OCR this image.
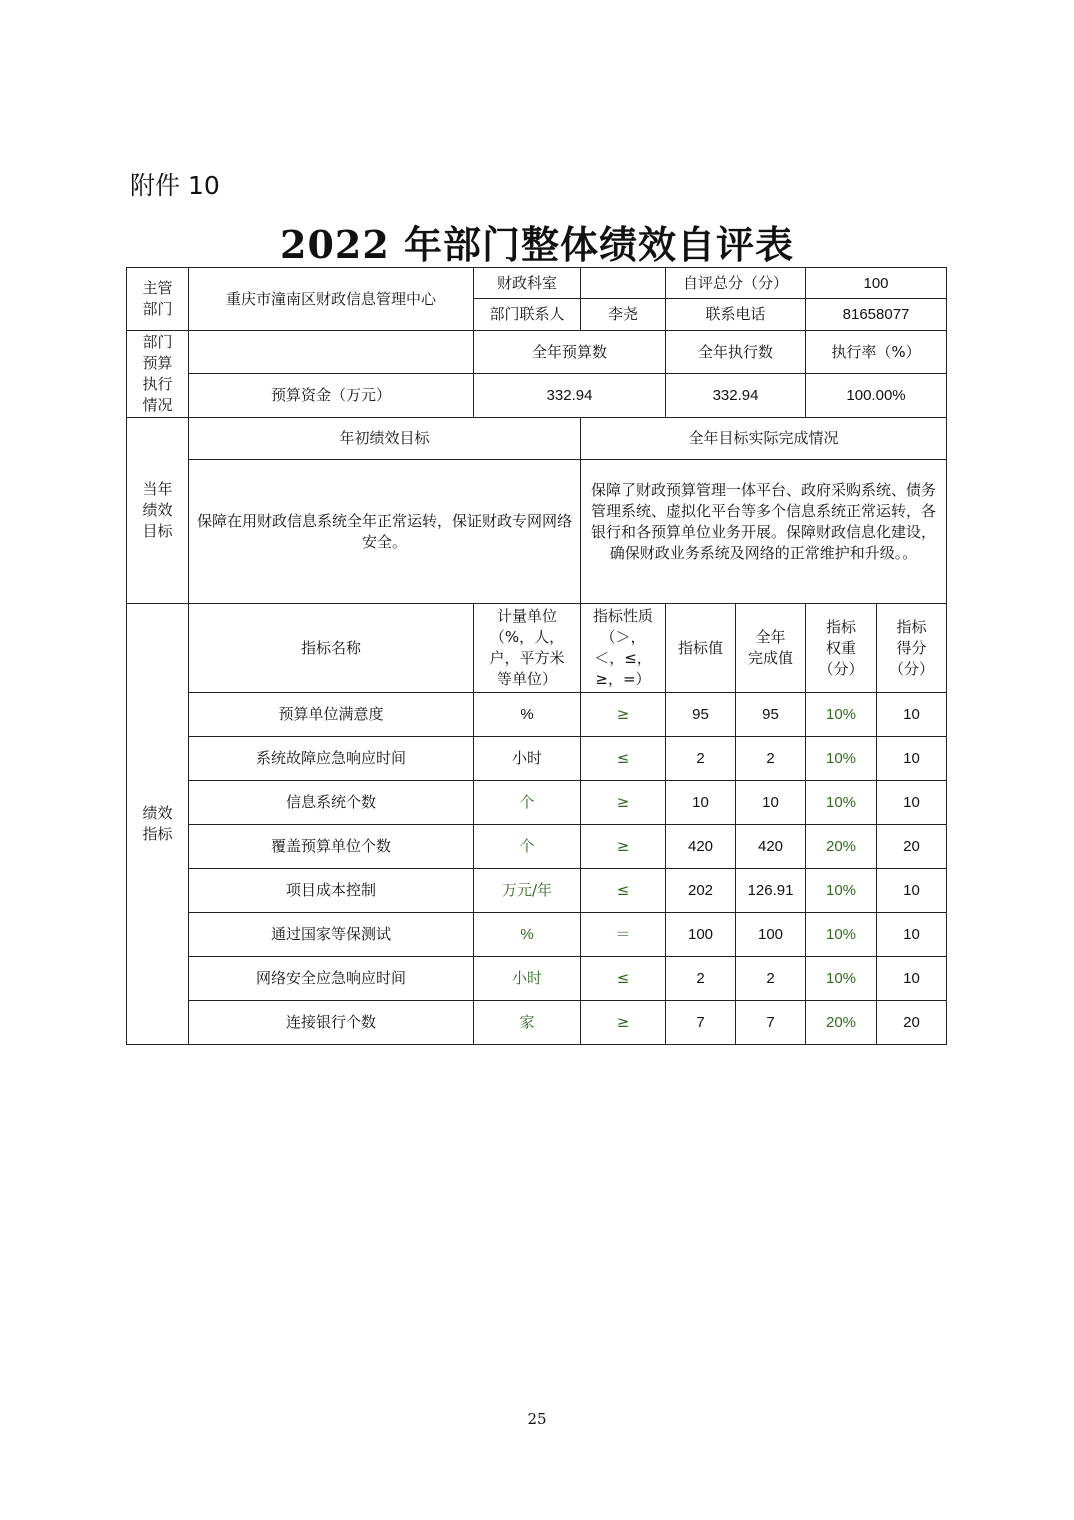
附件 10
2022 年部门整体绩效自评表
主管
部门	重庆市潼南区财政信息管理中心	财政科室		自评总分（分）		100	
		部门联系人	李尧	联系电话		81658077	
部门
预算
执行
情况		全年预算数		全年执行数		执行率（%）	
	预算资金（万元）	332.94		332.94		100.00%	
当年
绩效
目标	年初绩效目标		全年目标实际完成情况				
	保障在用财政信息系统全年正常运转，保证财政专网网络安全。		保障了财政预算管理一体平台、政府采购系统、债务管理系统、虚拟化平台等多个信息系统正常运转，各银行和各预算单位业务开展。保障财政信息化建设，确保财政业务系统及网络的正常维护和升级。。				
绩效
指标	指标名称	计量单位
（%，人，
户，平方米
等单位）	指标性质
（＞，
＜，≤，
≥，=）	指标值	全年
完成值	指标
权重
（分）	指标
得分
（分）
	预算单位满意度	%	≥	95	95	10%	10
	系统故障应急响应时间	小时	≤	2	2	10%	10
	信息系统个数	个	≥	10	10	10%	10
	覆盖预算单位个数	个	≥	420	420	20%	20
	项目成本控制	万元/年	≤	202	126.91	10%	10
	通过国家等保测试	%	＝	100	100	10%	10
	网络安全应急响应时间	小时	≤	2	2	10%	10
	连接银行个数	家	≥	7	7	20%	20
25
